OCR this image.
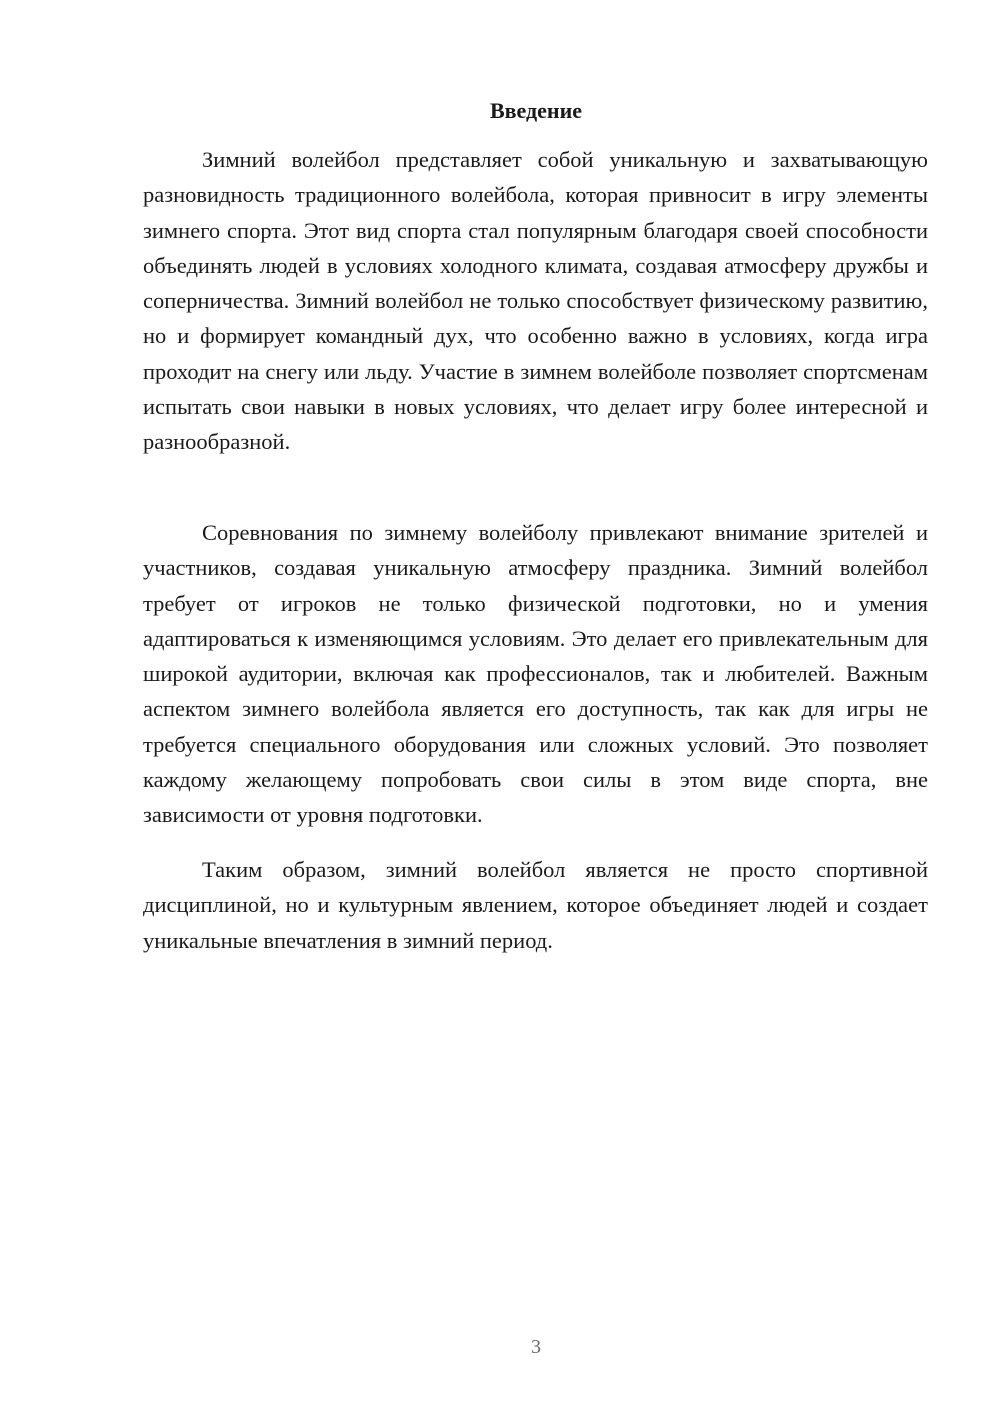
Введение

Зимний волейбол представляет собой уникальную и захватывающую разновидность традиционного волейбола, которая привносит в игру элементы зимнего спорта. Этот вид спорта стал популярным благодаря своей способности объединять людей в условиях холодного климата, создавая атмосферу дружбы и соперничества. Зимний волейбол не только способствует физическому развитию, но и формирует командный дух, что особенно важно в условиях, когда игра проходит на снегу или льду. Участие в зимнем волейболе позволяет спортсменам испытать свои навыки в новых условиях, что делает игру более интересной и разнообразной.

Соревнования по зимнему волейболу привлекают внимание зрителей и участников, создавая уникальную атмосферу праздника. Зимний волейбол требует от игроков не только физической подготовки, но и умения адаптироваться к изменяющимся условиям. Это делает его привлекательным для широкой аудитории, включая как профессионалов, так и любителей. Важным аспектом зимнего волейбола является его доступность, так как для игры не требуется специального оборудования или сложных условий. Это позволяет каждому желающему попробовать свои силы в этом виде спорта, вне зависимости от уровня подготовки.

Таким образом, зимний волейбол является не просто спортивной дисциплиной, но и культурным явлением, которое объединяет людей и создает уникальные впечатления в зимний период.

3
